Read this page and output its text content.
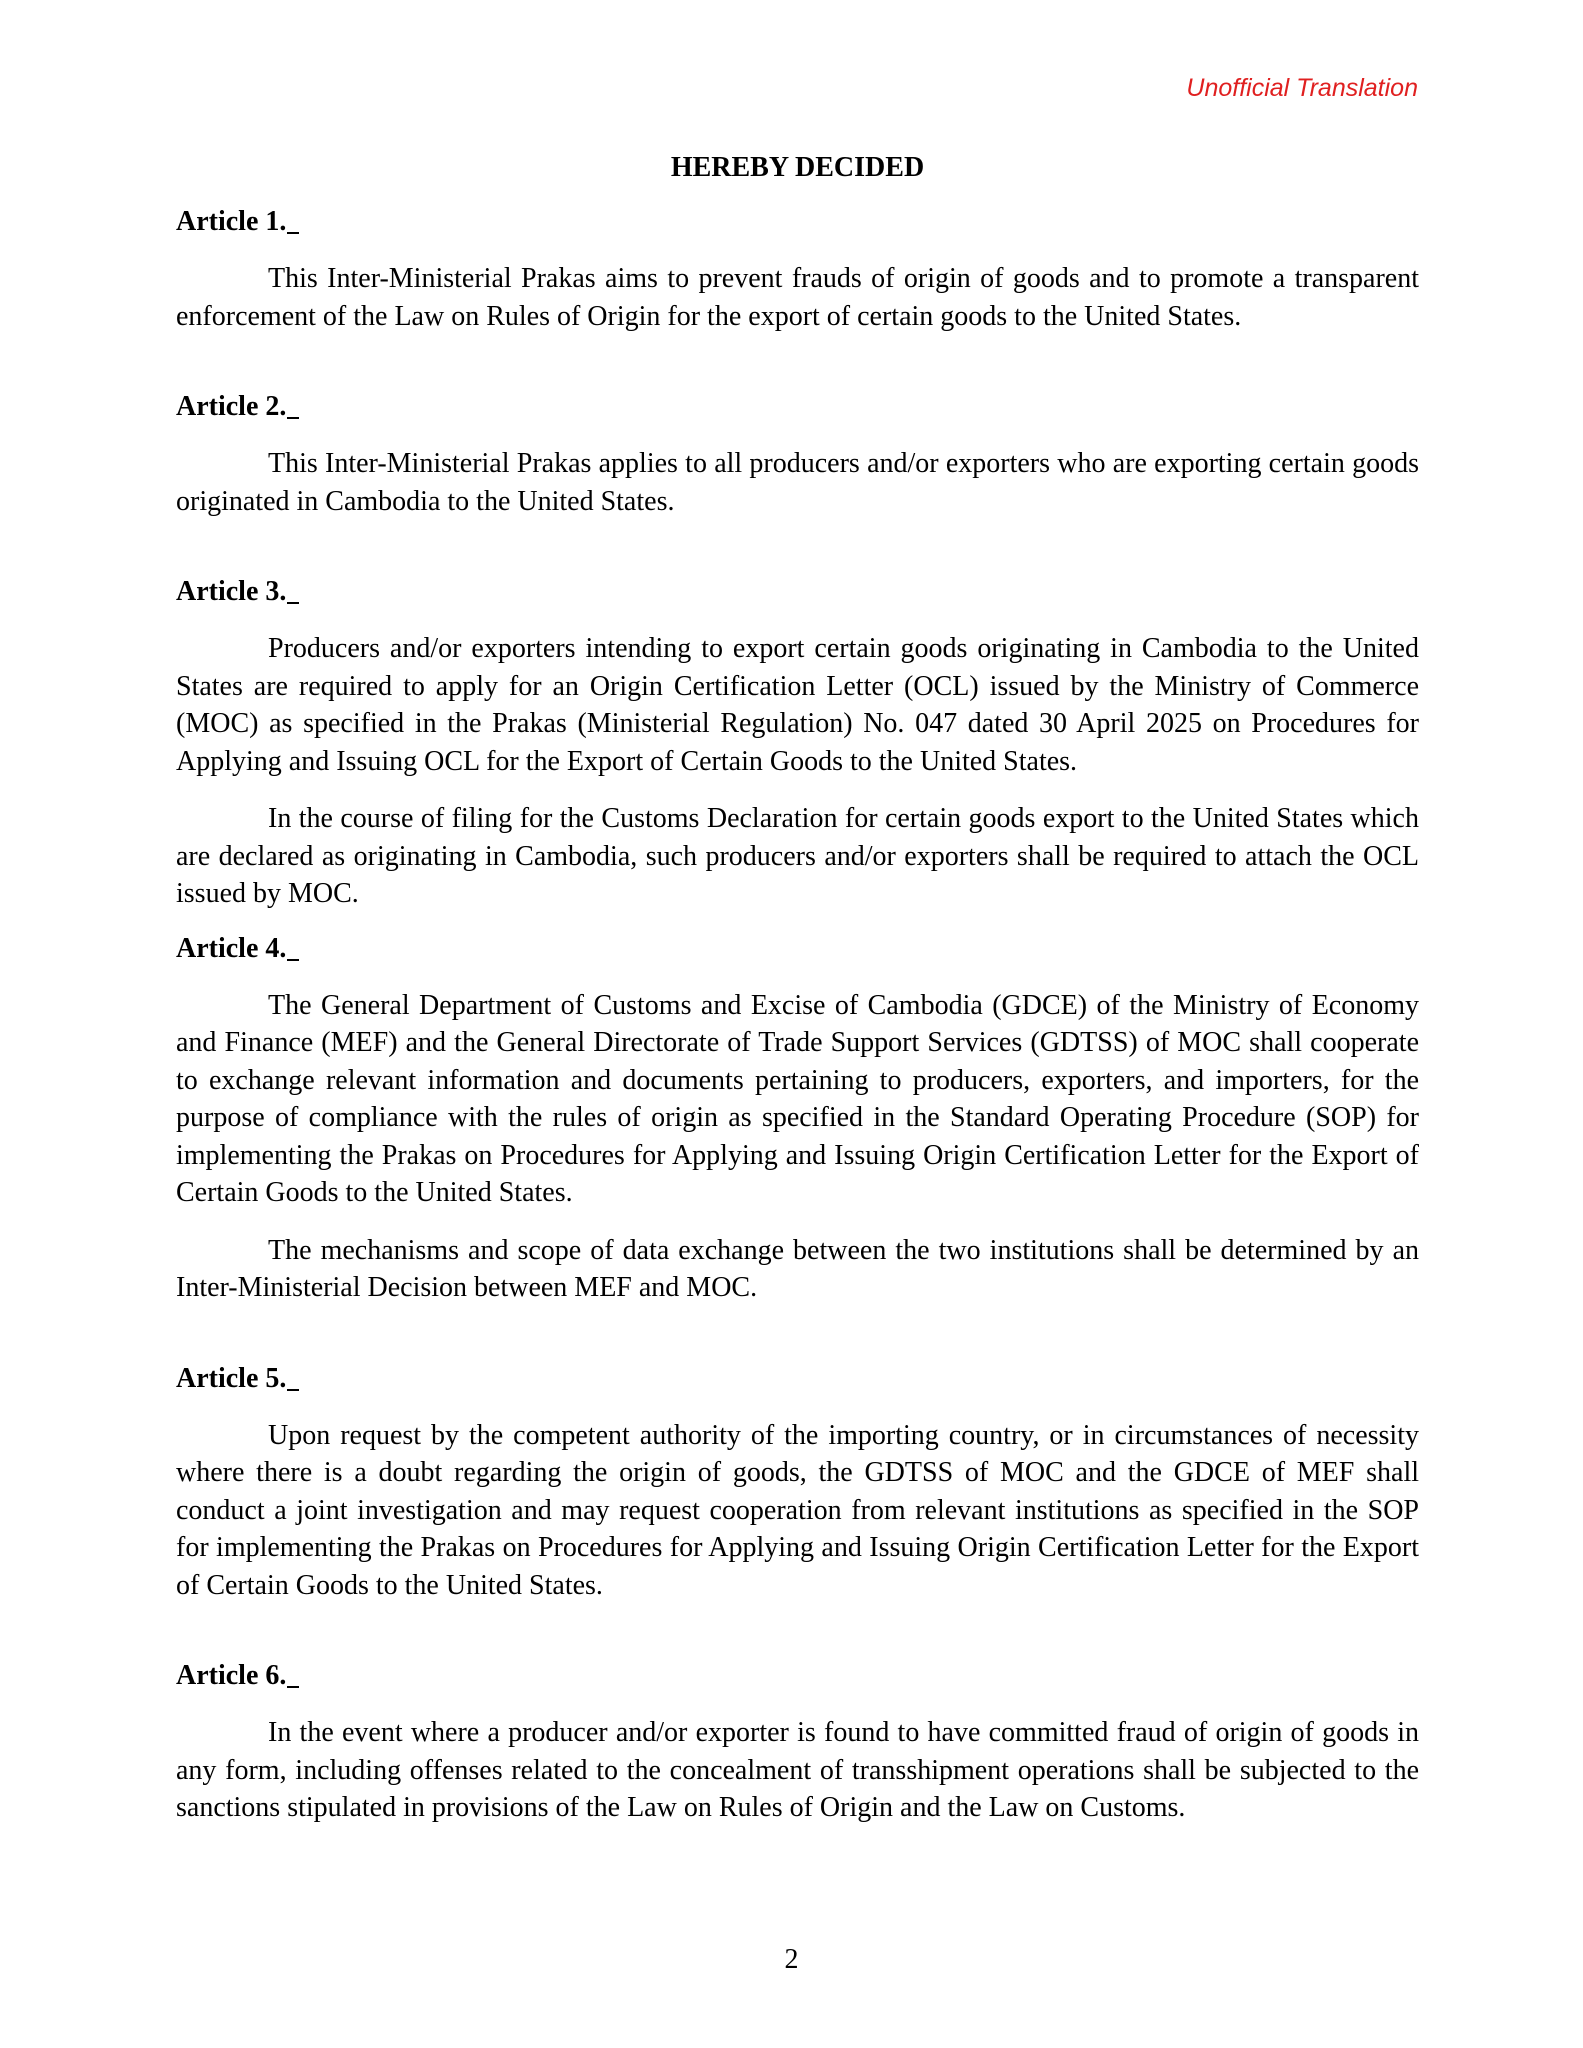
Unofficial Translation
HEREBY DECIDED
Article 1.

This Inter-Ministerial Prakas aims to prevent frauds of origin of goods and to promote a transparent enforcement of the Law on Rules of Origin for the export of certain goods to the United States.

Article 2.

This Inter-Ministerial Prakas applies to all producers and/or exporters who are exporting certain goods originated in Cambodia to the United States.

Article 3.

Producers and/or exporters intending to export certain goods originating in Cambodia to the United States are required to apply for an Origin Certification Letter (OCL) issued by the Ministry of Commerce (MOC) as specified in the Prakas (Ministerial Regulation) No. 047 dated 30 April 2025 on Procedures for Applying and Issuing OCL for the Export of Certain Goods to the United States.

In the course of filing for the Customs Declaration for certain goods export to the United States which are declared as originating in Cambodia, such producers and/or exporters shall be required to attach the OCL issued by MOC.

Article 4.

The General Department of Customs and Excise of Cambodia (GDCE) of the Ministry of Economy and Finance (MEF) and the General Directorate of Trade Support Services (GDTSS) of MOC shall cooperate to exchange relevant information and documents pertaining to producers, exporters, and importers, for the purpose of compliance with the rules of origin as specified in the Standard Operating Procedure (SOP) for implementing the Prakas on Procedures for Applying and Issuing Origin Certification Letter for the Export of Certain Goods to the United States.

The mechanisms and scope of data exchange between the two institutions shall be determined by an Inter-Ministerial Decision between MEF and MOC.

Article 5.

Upon request by the competent authority of the importing country, or in circumstances of necessity where there is a doubt regarding the origin of goods, the GDTSS of MOC and the GDCE of MEF shall conduct a joint investigation and may request cooperation from relevant institutions as specified in the SOP for implementing the Prakas on Procedures for Applying and Issuing Origin Certification Letter for the Export of Certain Goods to the United States.

Article 6.

In the event where a producer and/or exporter is found to have committed fraud of origin of goods in any form, including offenses related to the concealment of transshipment operations shall be subjected to the sanctions stipulated in provisions of the Law on Rules of Origin and the Law on Customs.

2
